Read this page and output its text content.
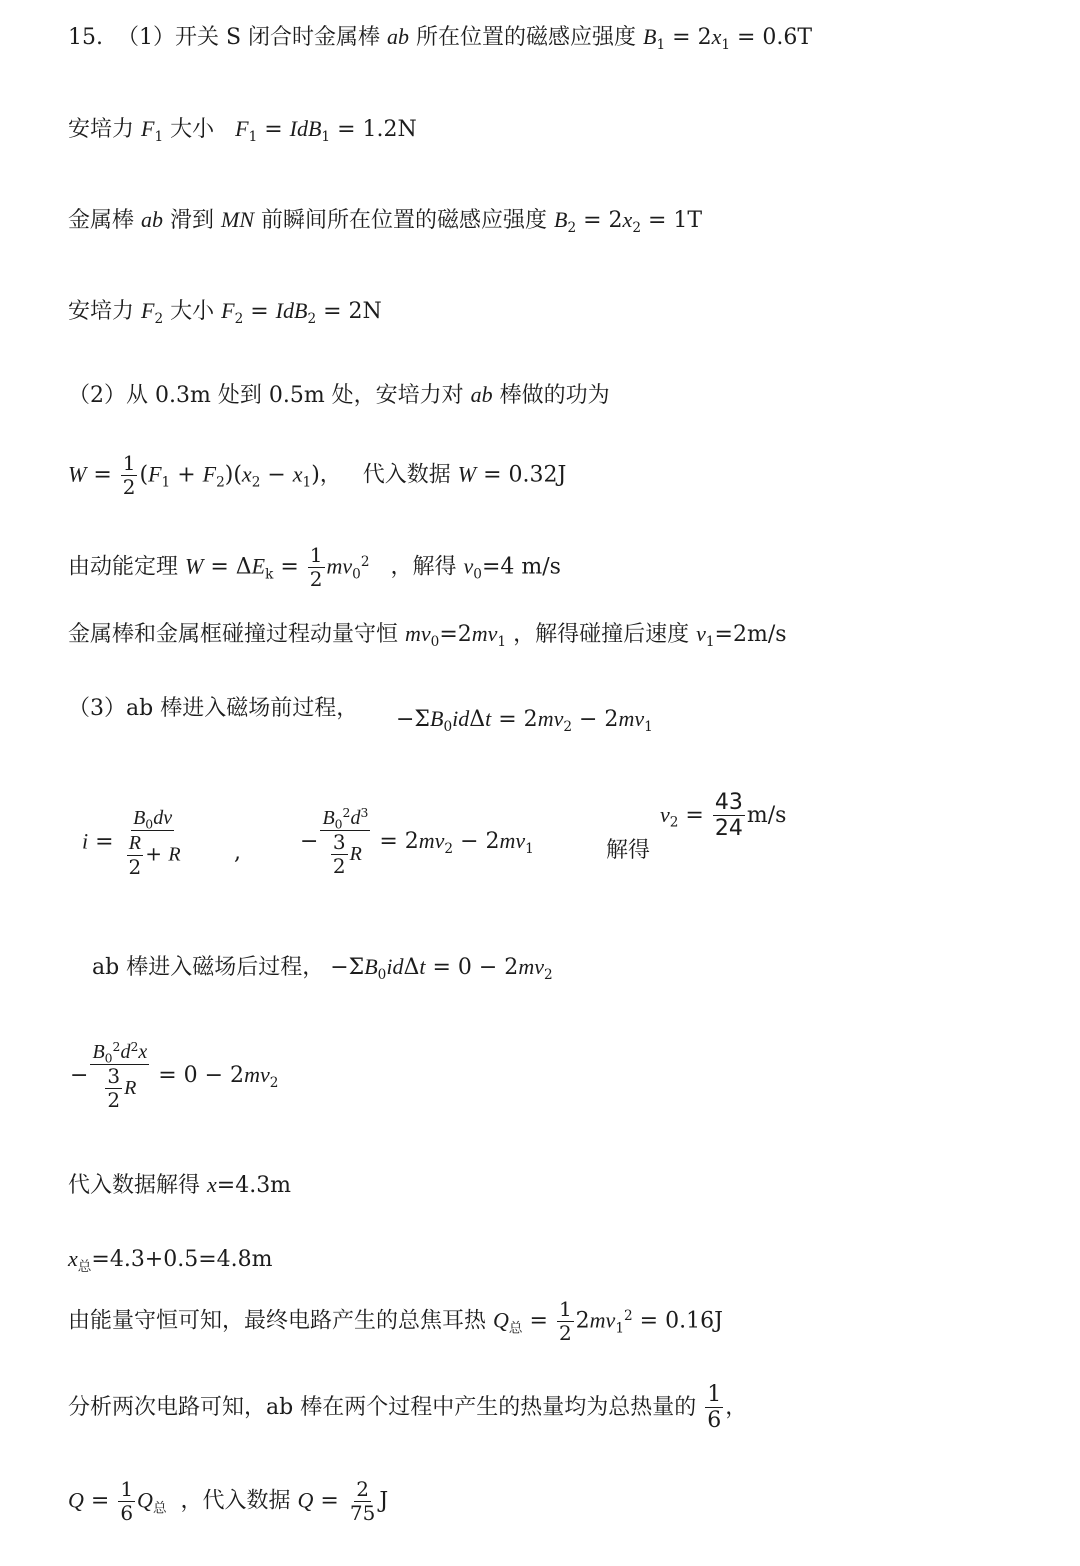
15.  （1）开关 S 闭合时金属棒 ab 所在位置的磁感应强度 $B_1 = 2x_1 = 0.6T$
安培力 $F_1$ 大小   $F_1 = IdB_1 = 1.2N$
金属棒 ab 滑到 MN 前瞬间所在位置的磁感应强度 $B_2 = 2x_2 = 1T$
安培力 $F_2$ 大小 $F_2 = IdB_2 = 2N$
（2）从 0.3m 处到 0.5m 处，安培力对 ab 棒做的功为
$W = \frac{1}{2} (F_1 + F_2)(x_2 - x_1)$，   代入数据 W = 0.32J
由动能定理 $W = \Delta E_k = \frac{1}{2} mv_0^2$   ，解得 $v_0=4$ m/s
金属棒和金属框碰撞过程动量守恒 $mv_0=2mv_1$ ，解得碰撞后速度 $v_1=2m/s$
（3）ab 棒进入磁场前过程， $-\Sigma B_0id\Delta t = 2mv_2 - 2mv_1$
$i = \frac{B_0dv}{\frac{R}{2} + R}$ ,	− $\frac{B_0^2d^3}{\frac{3}{2} R} = 2mv_2 - 2mv_1$	解得
$v_2 = \frac{43}{24} m/s$
ab 棒进入磁场后过程， $-\Sigma B_0id\Delta t = 0 - 2mv_2$
− $\frac{B_0^2d^2x}{\frac{3}{2} R} = 0 - 2mv_2$
代入数据解得 x=4.3m
$x_总=4.3+0.5=4.8m$
由能量守恒可知，最终电路产生的总焦耳热 $Q_总 = \frac{1}{2} 2mv_1^2 = 0.16J$
分析两次电路可知，ab 棒在两个过程中产生的热量均为总热量的 $\frac{1}{6}$ ，
$Q = \frac{1}{6} Q_总$  ，代入数据 $Q = \frac{2}{75}$ J
